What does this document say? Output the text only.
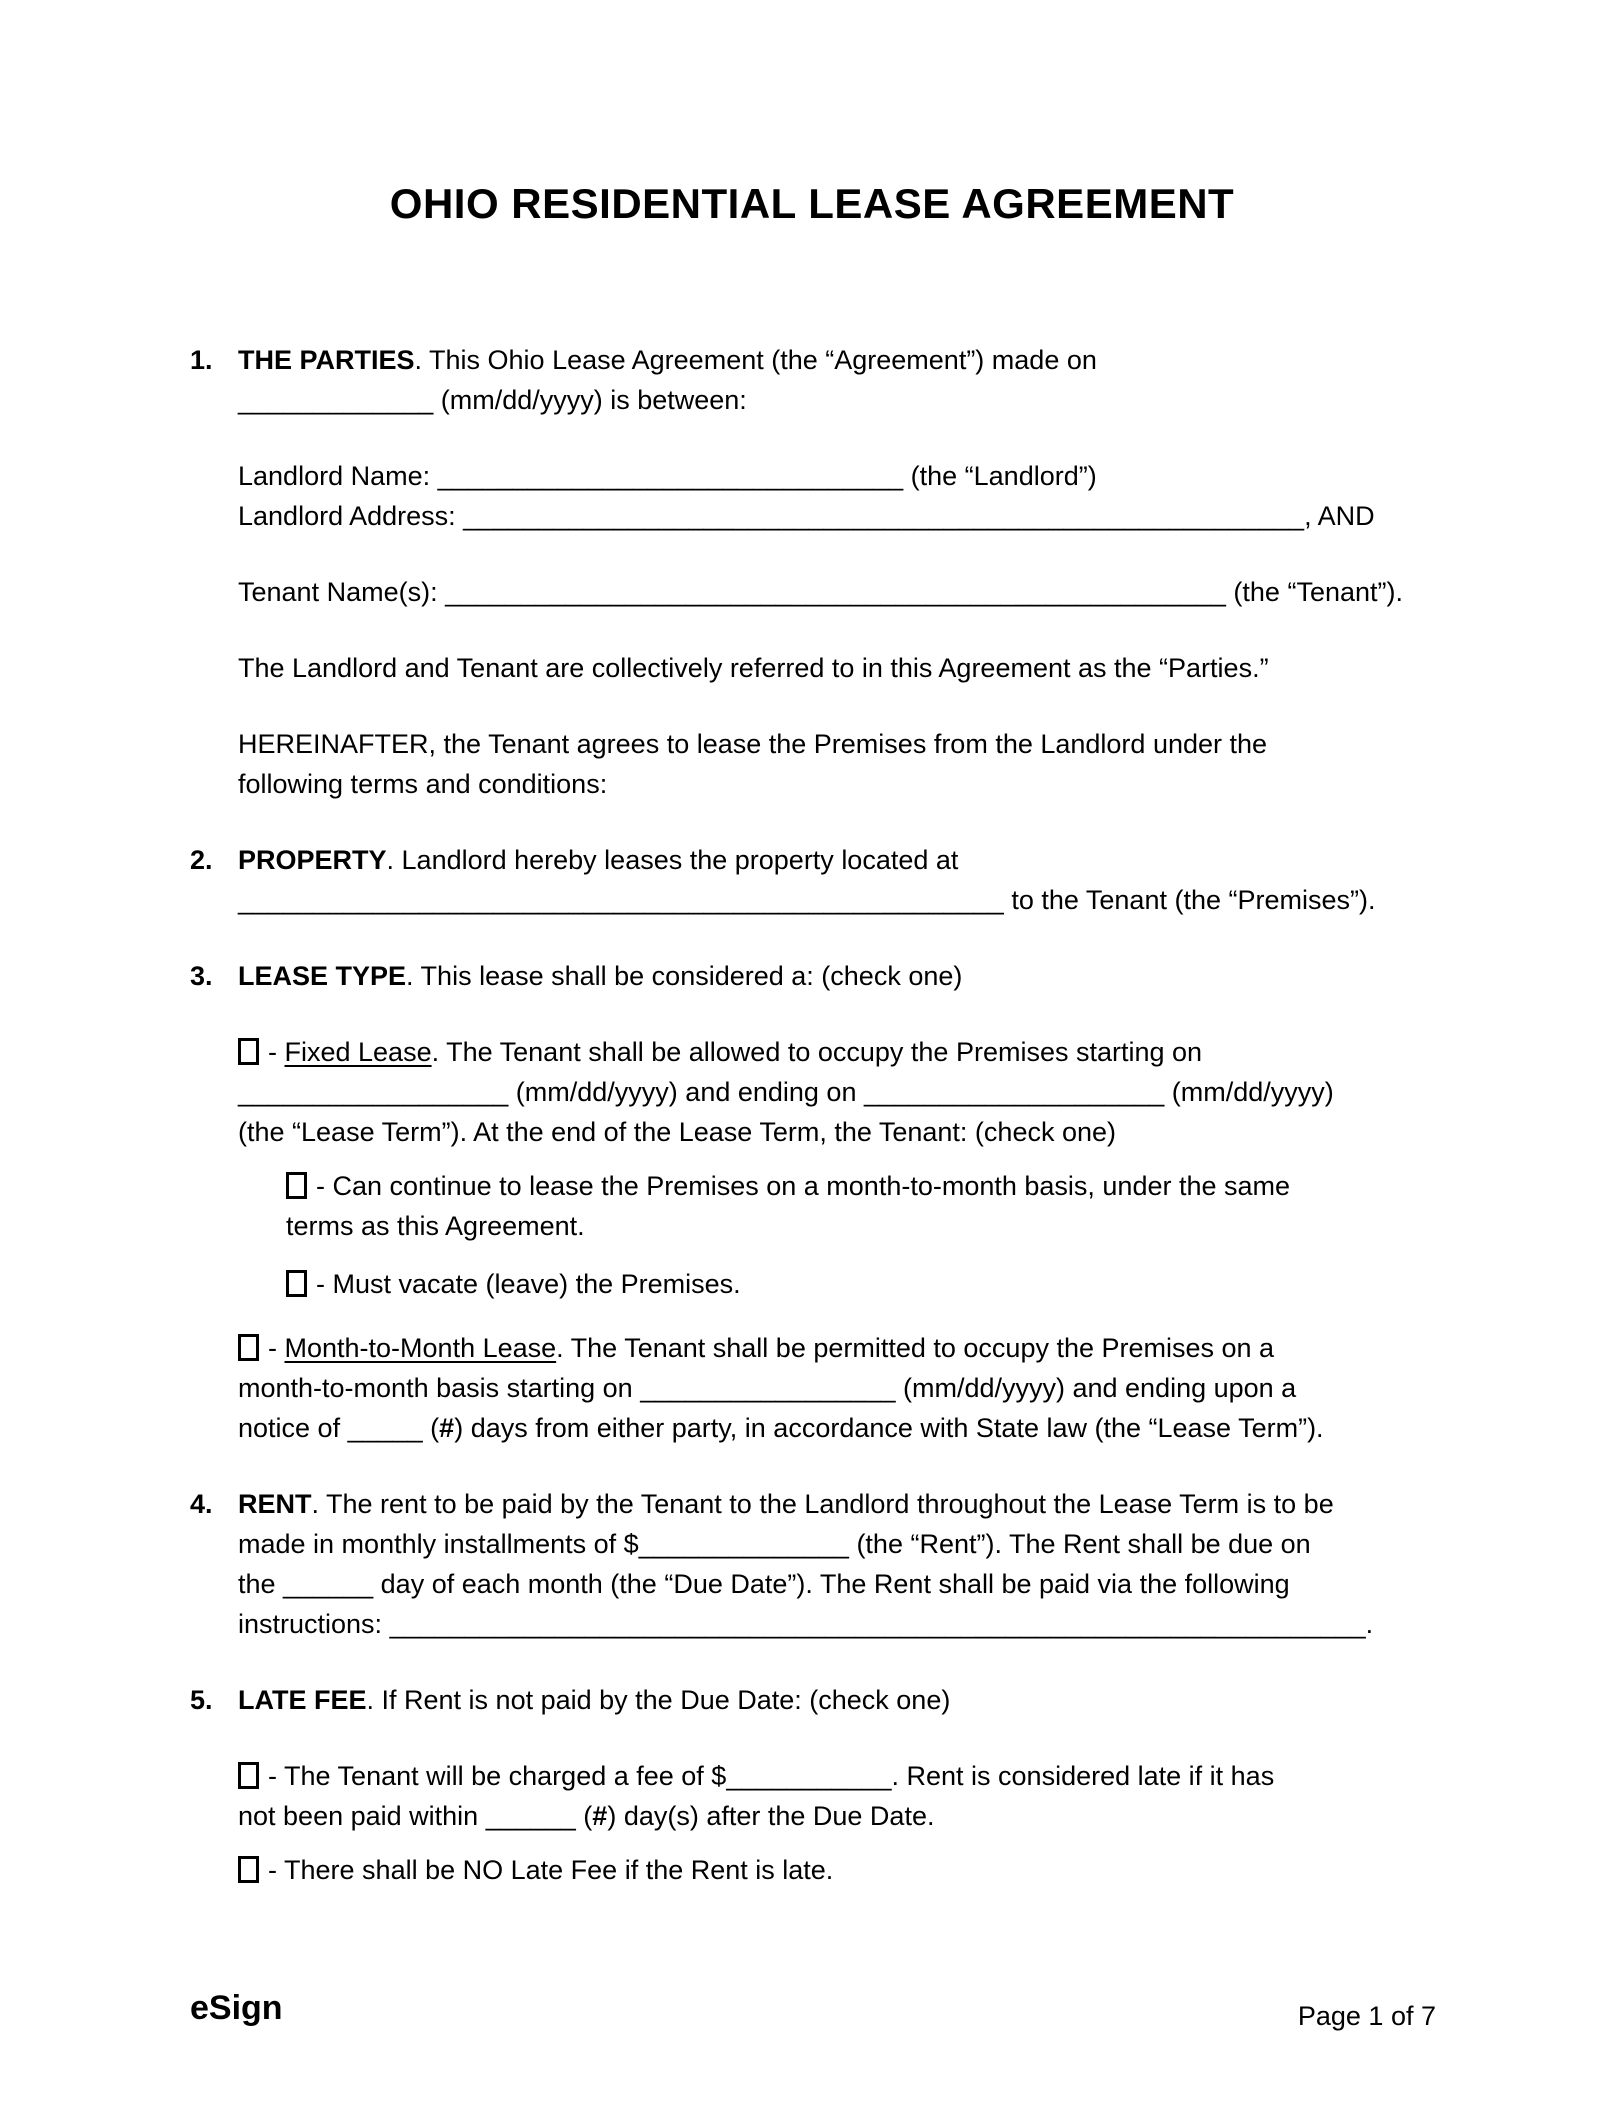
OHIO RESIDENTIAL LEASE AGREEMENT
1. THE PARTIES. This Ohio Lease Agreement (the “Agreement”) made on
_____________ (mm/dd/yyyy) is between:

Landlord Name: _______________________________ (the “Landlord”)
Landlord Address: ________________________________________________________, AND

Tenant Name(s): ____________________________________________________ (the “Tenant”).

The Landlord and Tenant are collectively referred to in this Agreement as the “Parties.”

HEREINAFTER, the Tenant agrees to lease the Premises from the Landlord under the
following terms and conditions:

2. PROPERTY. Landlord hereby leases the property located at
___________________________________________________ to the Tenant (the “Premises”).

3. LEASE TYPE. This lease shall be considered a: (check one)

- Fixed Lease. The Tenant shall be allowed to occupy the Premises starting on
__________________ (mm/dd/yyyy) and ending on ____________________ (mm/dd/yyyy)
(the “Lease Term”). At the end of the Lease Term, the Tenant: (check one)

- Can continue to lease the Premises on a month-to-month basis, under the same
terms as this Agreement.

- Must vacate (leave) the Premises.

- Month-to-Month Lease. The Tenant shall be permitted to occupy the Premises on a
month-to-month basis starting on _________________ (mm/dd/yyyy) and ending upon a
notice of _____ (#) days from either party, in accordance with State law (the “Lease Term”).

4. RENT. The rent to be paid by the Tenant to the Landlord throughout the Lease Term is to be
made in monthly installments of $______________ (the “Rent”). The Rent shall be due on
the ______ day of each month (the “Due Date”). The Rent shall be paid via the following
instructions: _________________________________________________________________.

5. LATE FEE. If Rent is not paid by the Due Date: (check one)

- The Tenant will be charged a fee of $___________. Rent is considered late if it has
not been paid within ______ (#) day(s) after the Due Date.

- There shall be NO Late Fee if the Rent is late.

eSign	Page 1 of 7
